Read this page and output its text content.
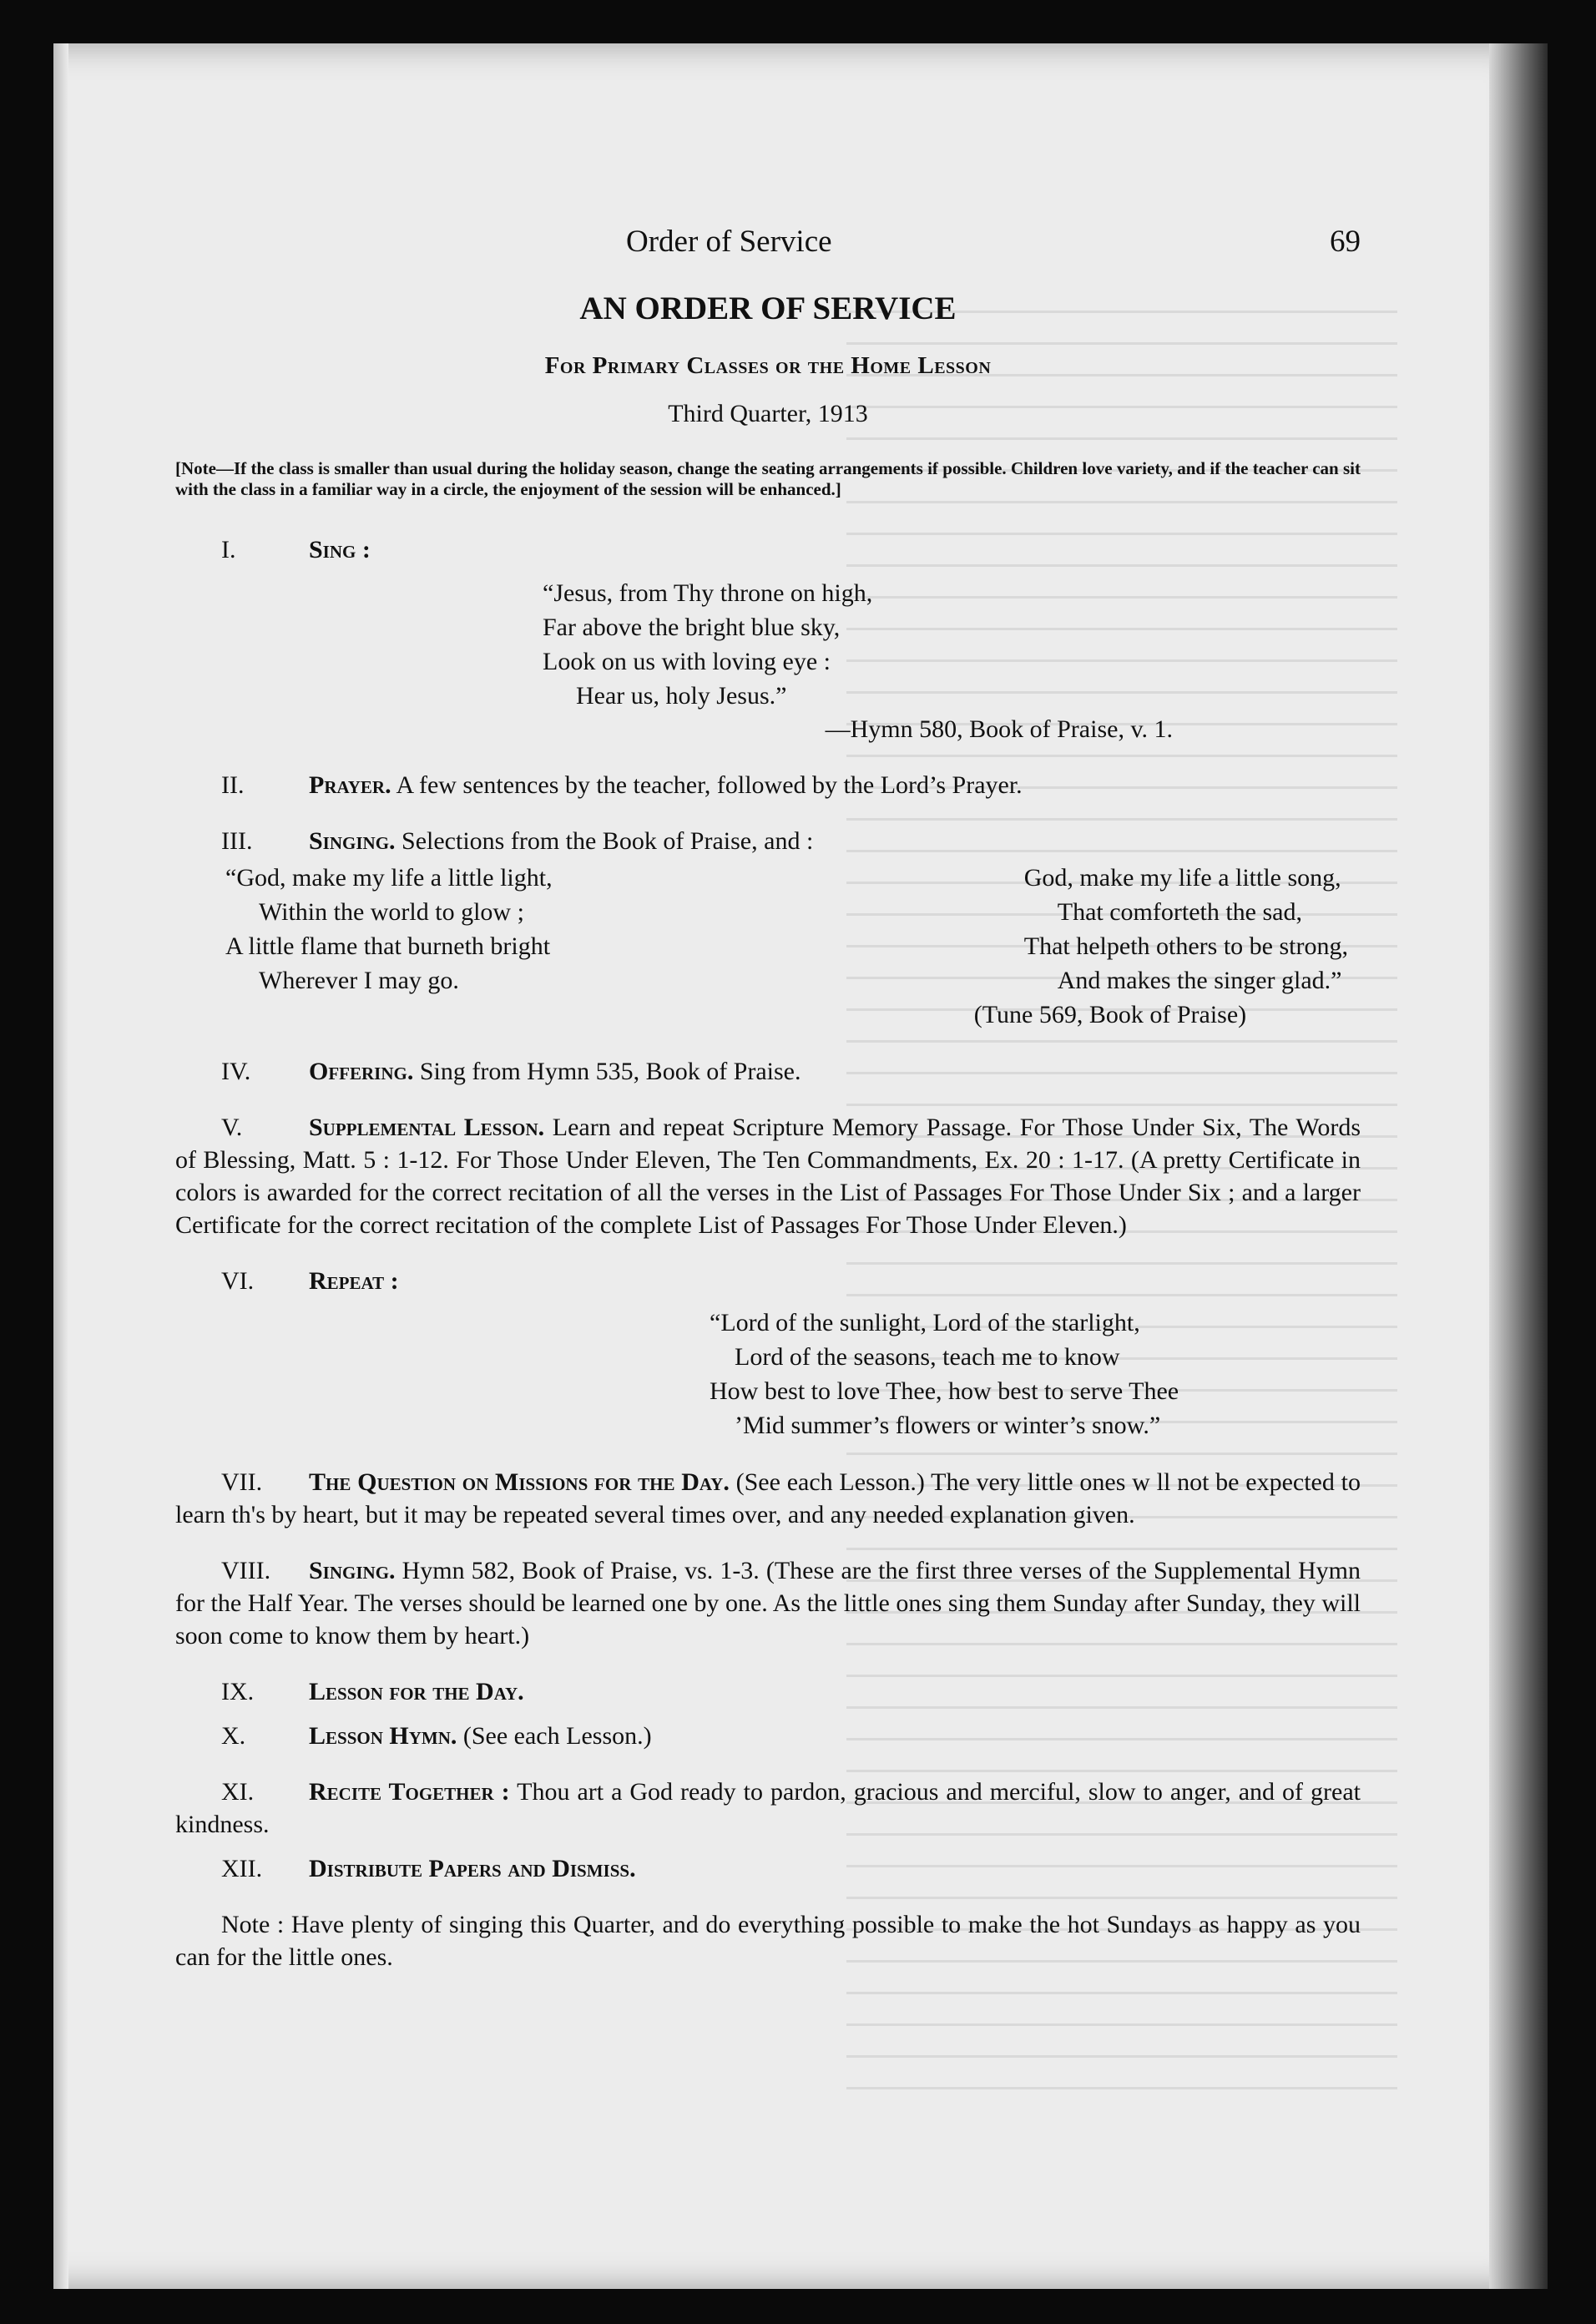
Order of Service	69
AN ORDER OF SERVICE
For Primary Classes or the Home Lesson
Third Quarter, 1913
[Note—If the class is smaller than usual during the holiday season, change the seating arrangements if possible. Children love variety, and if the teacher can sit with the class in a familiar way in a circle, the enjoyment of the session will be enhanced.]
I.	Sing :
“Jesus, from Thy throne on high,
Far above the bright blue sky,
Look on us with loving eye :
Hear us, holy Jesus.”
—Hymn 580, Book of Praise, v. 1.
II.	Prayer. A few sentences by the teacher, followed by the Lord’s Prayer.
III. Singing. Selections from the Book of Praise, and :
“God, make my life a little light,
Within the world to glow ;
A little flame that burneth bright
Wherever I may go.
God, make my life a little song,
That comforteth the sad,
That helpeth others to be strong,
And makes the singer glad.”
(Tune 569, Book of Praise)
IV. Offering. Sing from Hymn 535, Book of Praise.
V.	Supplemental Lesson. Learn and repeat Scripture Memory Passage. For Those Under Six, The Words of Blessing, Matt. 5 : 1-12. For Those Under Eleven, The Ten Commandments, Ex. 20 : 1-17. (A pretty Certificate in colors is awarded for the correct recitation of all the verses in the List of Passages For Those Under Six ; and a larger Certificate for the correct recitation of the complete List of Passages For Those Under Eleven.)
VI. Repeat :
“Lord of the sunlight, Lord of the starlight,
Lord of the seasons, teach me to know
How best to love Thee, how best to serve Thee
’Mid summer’s flowers or winter’s snow.”
VII. The Question on Missions for the Day. (See each Lesson.) The very little ones w ll not be expected to learn th's by heart, but it may be repeated several times over, and any needed explanation given.
VIII. Singing. Hymn 582, Book of Praise, vs. 1-3. (These are the first three verses of the Supplemental Hymn for the Half Year. The verses should be learned one by one. As the little ones sing them Sunday after Sunday, they will soon come to know them by heart.)
IX. Lesson for the Day.
X.	Lesson Hymn. (See each Lesson.)
XI. Recite Together : Thou art a God ready to pardon, gracious and merciful, slow to anger, and of great kindness.
XII. Distribute Papers and Dismiss.
Note : Have plenty of singing this Quarter, and do everything possible to make the hot Sundays as happy as you can for the little ones.
